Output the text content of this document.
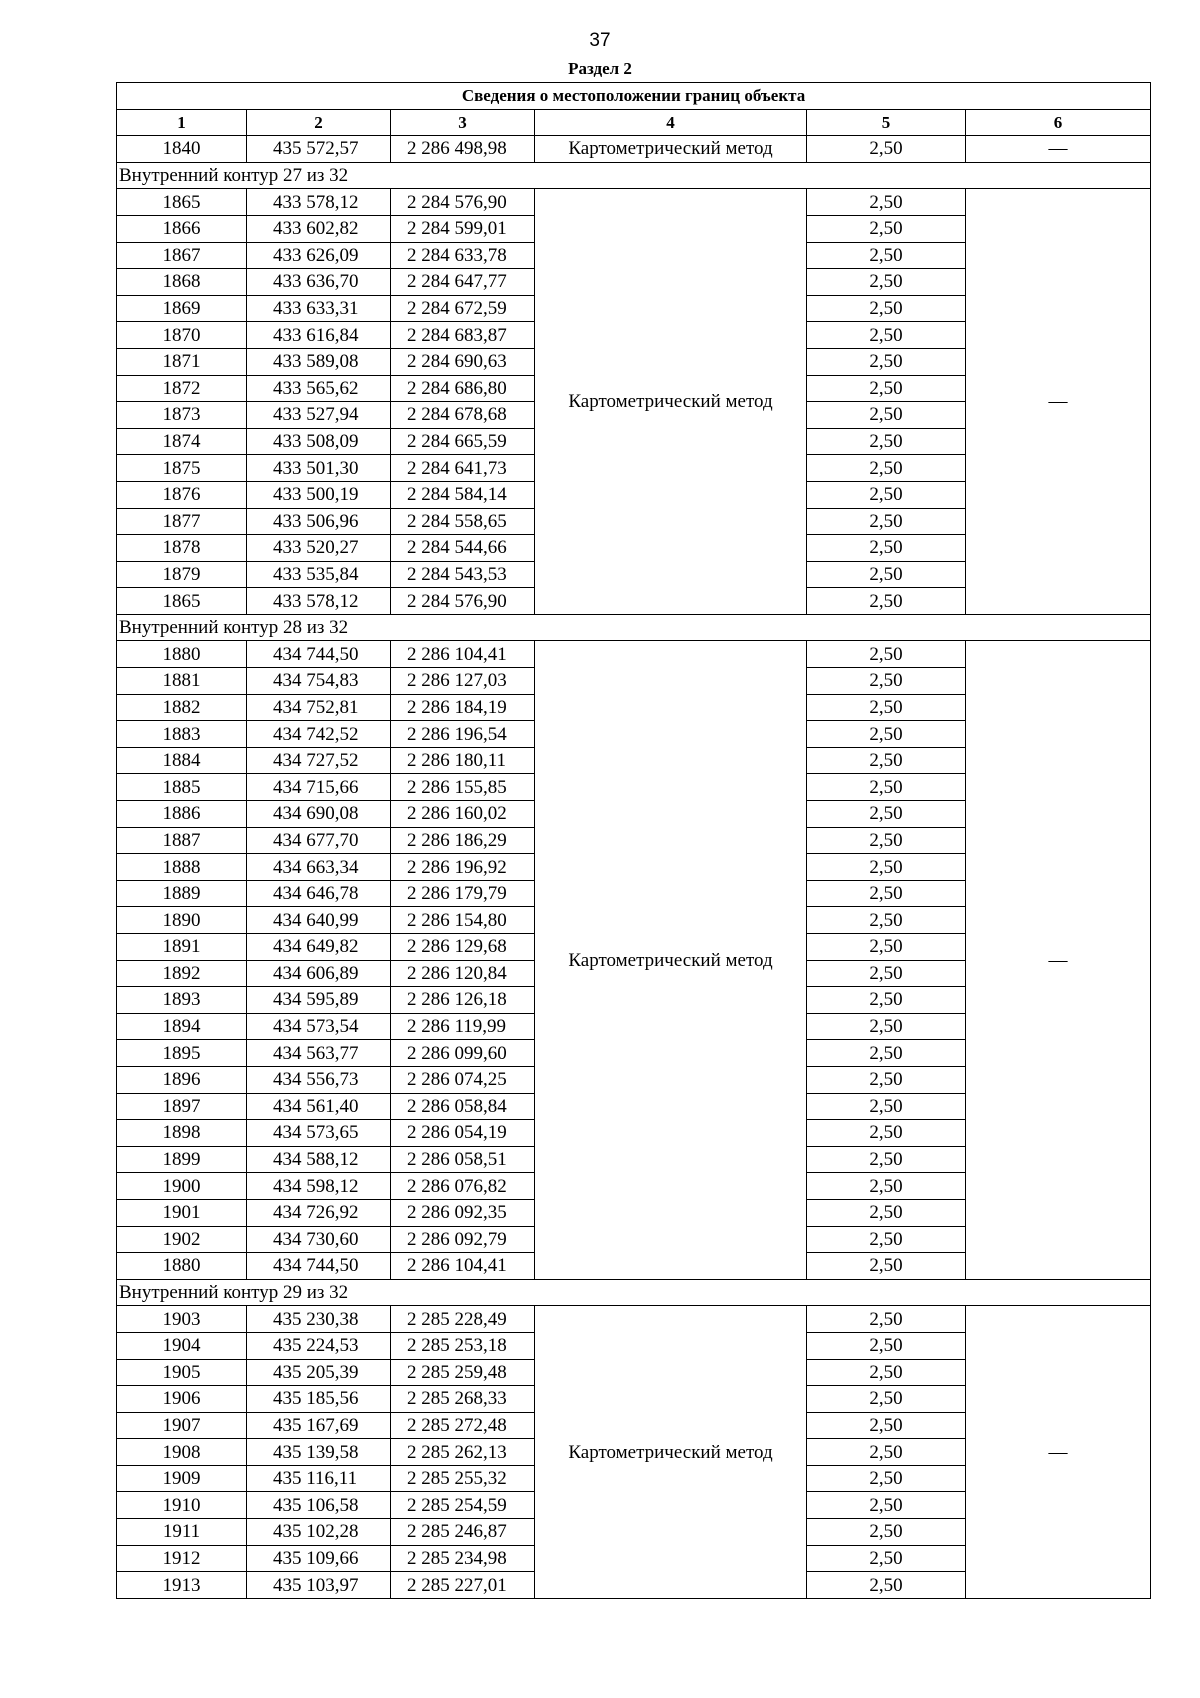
37
Раздел 2
Сведения о местоположении границ объекта					
1	2	3	4	5	6
1840	435 572,57	2 286 498,98	Картометрический метод	2,50	—
Внутренний контур 27 из 32					
1865	433 578,12	2 284 576,90	Картометрический метод	2,50	—
1866	433 602,82	2 284 599,01		2,50	
1867	433 626,09	2 284 633,78		2,50	
1868	433 636,70	2 284 647,77		2,50	
1869	433 633,31	2 284 672,59		2,50	
1870	433 616,84	2 284 683,87		2,50	
1871	433 589,08	2 284 690,63		2,50	
1872	433 565,62	2 284 686,80		2,50	
1873	433 527,94	2 284 678,68		2,50	
1874	433 508,09	2 284 665,59		2,50	
1875	433 501,30	2 284 641,73		2,50	
1876	433 500,19	2 284 584,14		2,50	
1877	433 506,96	2 284 558,65		2,50	
1878	433 520,27	2 284 544,66		2,50	
1879	433 535,84	2 284 543,53		2,50	
1865	433 578,12	2 284 576,90		2,50	
Внутренний контур 28 из 32					
1880	434 744,50	2 286 104,41	Картометрический метод	2,50	—
1881	434 754,83	2 286 127,03		2,50	
1882	434 752,81	2 286 184,19		2,50	
1883	434 742,52	2 286 196,54		2,50	
1884	434 727,52	2 286 180,11		2,50	
1885	434 715,66	2 286 155,85		2,50	
1886	434 690,08	2 286 160,02		2,50	
1887	434 677,70	2 286 186,29		2,50	
1888	434 663,34	2 286 196,92		2,50	
1889	434 646,78	2 286 179,79		2,50	
1890	434 640,99	2 286 154,80		2,50	
1891	434 649,82	2 286 129,68		2,50	
1892	434 606,89	2 286 120,84		2,50	
1893	434 595,89	2 286 126,18		2,50	
1894	434 573,54	2 286 119,99		2,50	
1895	434 563,77	2 286 099,60		2,50	
1896	434 556,73	2 286 074,25		2,50	
1897	434 561,40	2 286 058,84		2,50	
1898	434 573,65	2 286 054,19		2,50	
1899	434 588,12	2 286 058,51		2,50	
1900	434 598,12	2 286 076,82		2,50	
1901	434 726,92	2 286 092,35		2,50	
1902	434 730,60	2 286 092,79		2,50	
1880	434 744,50	2 286 104,41		2,50	
Внутренний контур 29 из 32					
1903	435 230,38	2 285 228,49	Картометрический метод	2,50	—
1904	435 224,53	2 285 253,18		2,50	
1905	435 205,39	2 285 259,48		2,50	
1906	435 185,56	2 285 268,33		2,50	
1907	435 167,69	2 285 272,48		2,50	
1908	435 139,58	2 285 262,13		2,50	
1909	435 116,11	2 285 255,32		2,50	
1910	435 106,58	2 285 254,59		2,50	
1911	435 102,28	2 285 246,87		2,50	
1912	435 109,66	2 285 234,98		2,50	
1913	435 103,97	2 285 227,01		2,50	
